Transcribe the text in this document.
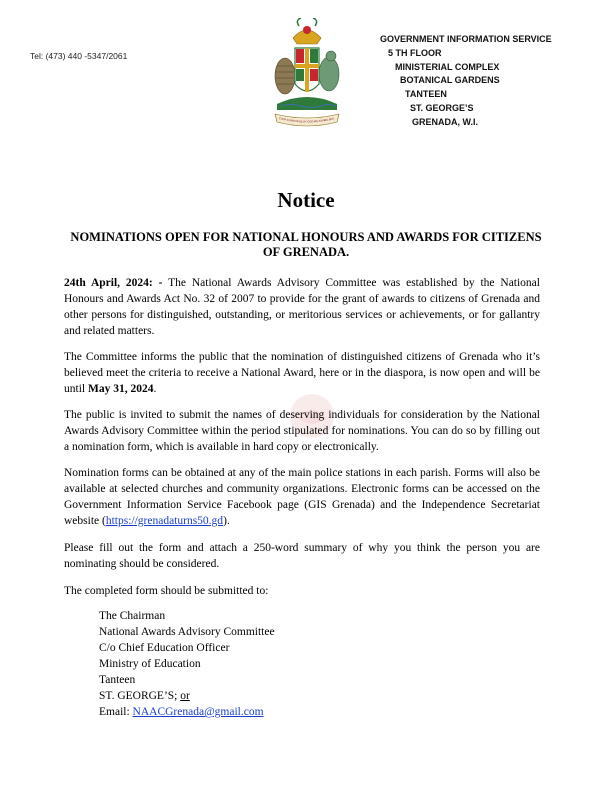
Tel: (473) 440 -5347/2061
EVER CONSCIOUS OF GOD WE ASPIRE BUIL
GOVERNMENT INFORMATION SERVICE
5 TH FLOOR
MINISTERIAL COMPLEX
BOTANICAL GARDENS
TANTEEN
ST. GEORGE’S
GRENADA, W.I.
Notice
NOMINATIONS OPEN FOR NATIONAL HONOURS AND AWARDS FOR CITIZENS OF GRENADA.
24th April, 2024: - The National Awards Advisory Committee was established by the National Honours and Awards Act No. 32 of 2007 to provide for the grant of awards to citizens of Grenada and other persons for distinguished, outstanding, or meritorious services or achievements, or for gallantry and related matters.
The Committee informs the public that the nomination of distinguished citizens of Grenada who it’s believed meet the criteria to receive a National Award, here or in the diaspora, is now open and will be until May 31, 2024.
The public is invited to submit the names of deserving individuals for consideration by the National Awards Advisory Committee within the period stipulated for nominations. You can do so by filling out a nomination form, which is available in hard copy or electronically.
Nomination forms can be obtained at any of the main police stations in each parish. Forms will also be available at selected churches and community organizations. Electronic forms can be accessed on the Government Information Service Facebook page (GIS Grenada) and the Independence Secretariat website (https://grenadaturns50.gd).
Please fill out the form and attach a 250-word summary of why you think the person you are nominating should be considered.
The completed form should be submitted to:
The Chairman
National Awards Advisory Committee
C/o Chief Education Officer
Ministry of Education
Tanteen
ST. GEORGE’S; or
Email: NAACGrenada@gmail.com
